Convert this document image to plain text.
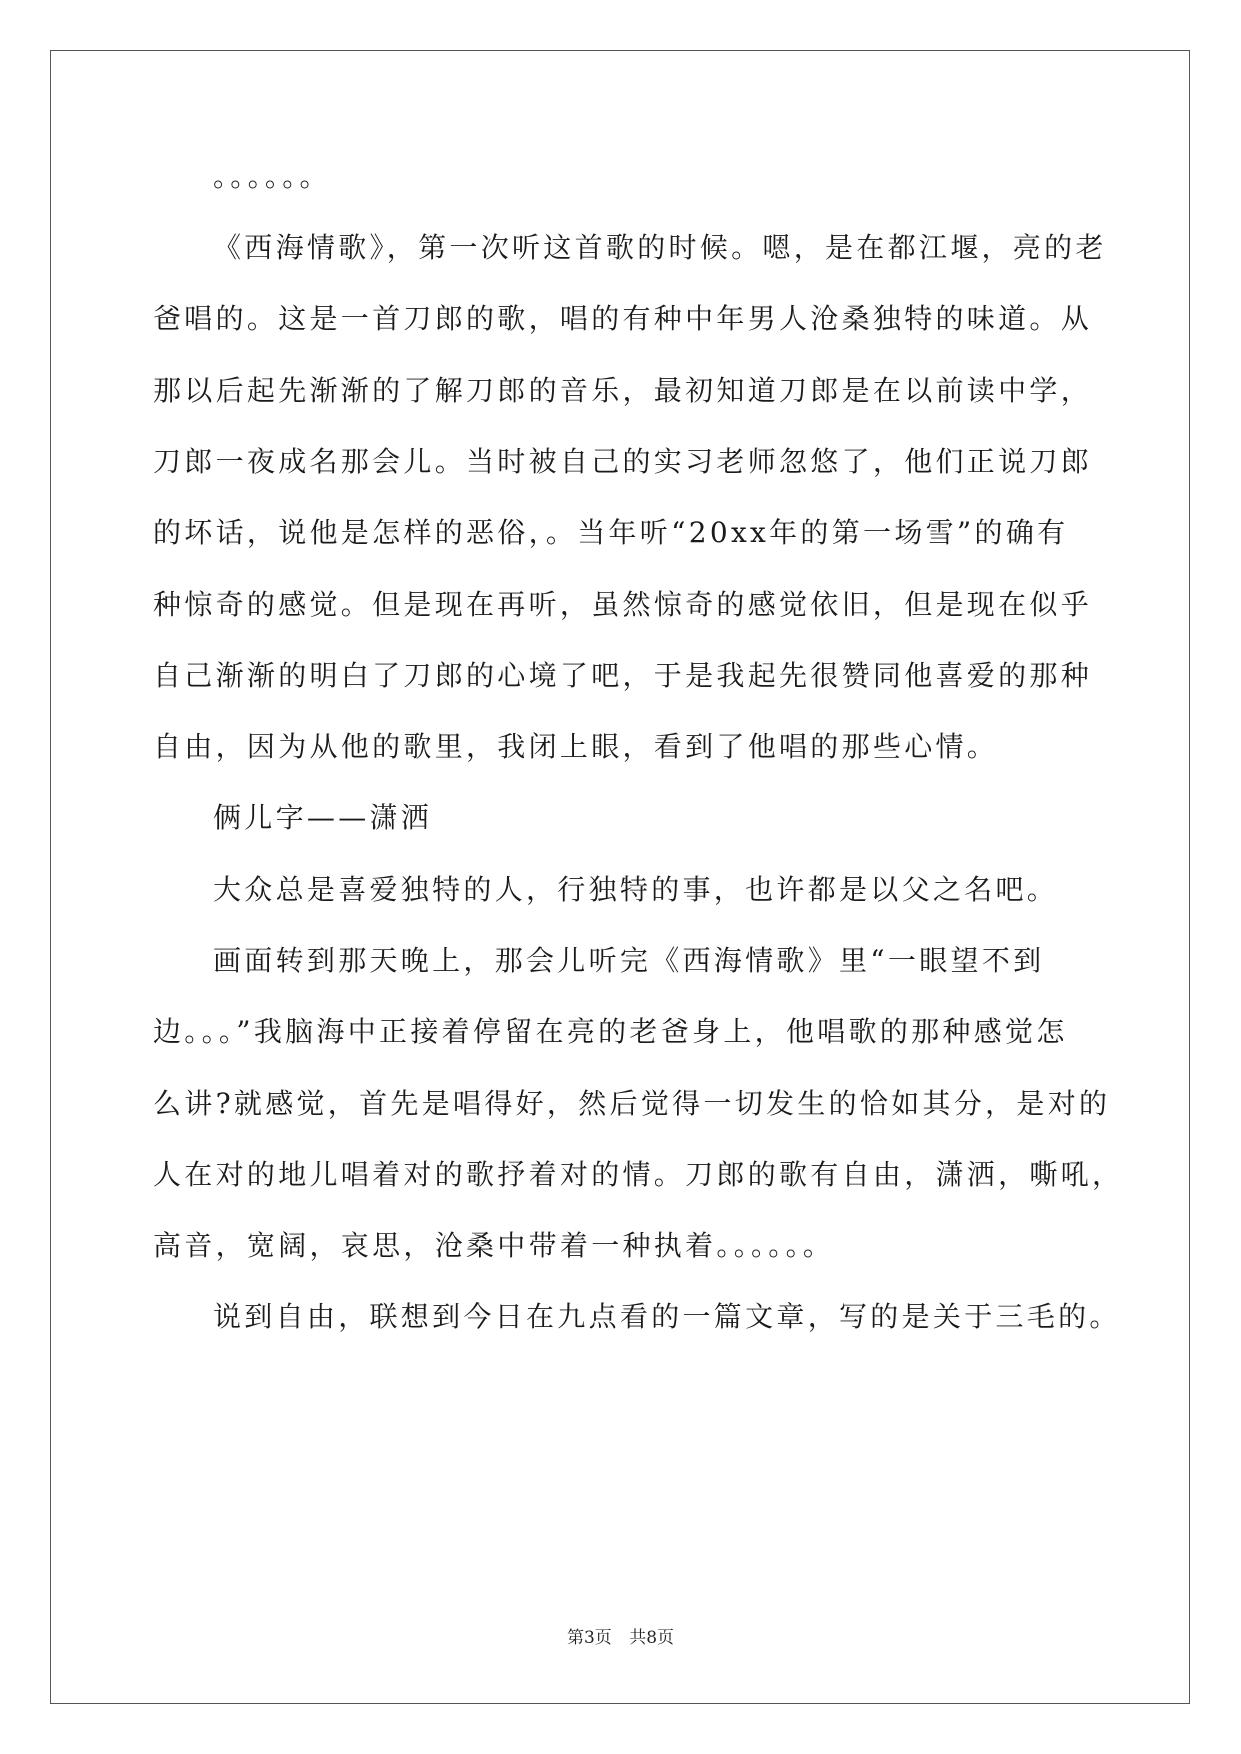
。。。。。。

《西海情歌》，第一次听这首歌的时候。嗯，是在都江堰，亮的老

爸唱的。这是一首刀郎的歌，唱的有种中年男人沧桑独特的味道。从

那以后起先渐渐的了解刀郎的音乐，最初知道刀郎是在以前读中学，

刀郎一夜成名那会儿。当时被自己的实习老师忽悠了，他们正说刀郎

的坏话，说他是怎样的恶俗，。当年听“20xx年的第一场雪”的确有

种惊奇的感觉。但是现在再听，虽然惊奇的感觉依旧，但是现在似乎

自己渐渐的明白了刀郎的心境了吧，于是我起先很赞同他喜爱的那种

自由，因为从他的歌里，我闭上眼，看到了他唱的那些心情。

俩儿字——潇洒

大众总是喜爱独特的人，行独特的事，也许都是以父之名吧。

画面转到那天晚上，那会儿听完《西海情歌》里“一眼望不到

边。。。”我脑海中正接着停留在亮的老爸身上，他唱歌的那种感觉怎

么讲?就感觉，首先是唱得好，然后觉得一切发生的恰如其分，是对的

人在对的地儿唱着对的歌抒着对的情。刀郎的歌有自由，潇洒，嘶吼，

高音，宽阔，哀思，沧桑中带着一种执着。。。。。。

说到自由，联想到今日在九点看的一篇文章，写的是关于三毛的。

第3页 共8页
